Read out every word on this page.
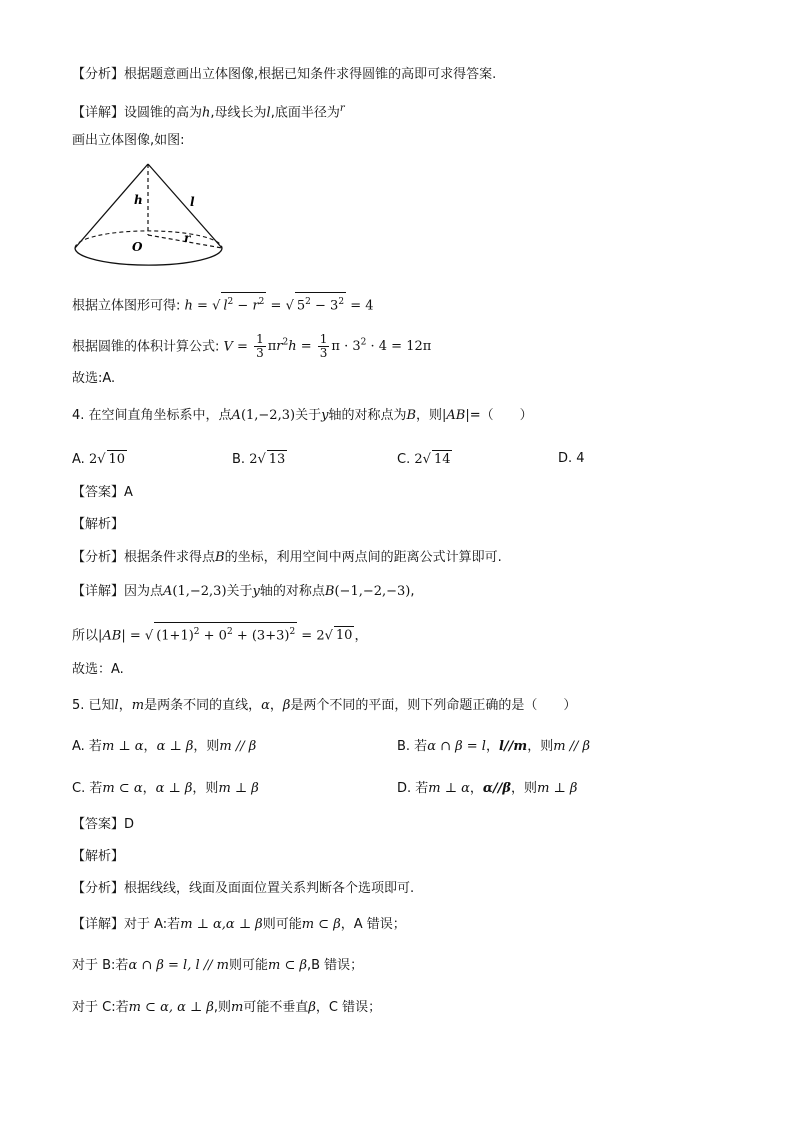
【分析】根据题意画出立体图像,根据已知条件求得圆锥的高即可求得答案.
【详解】设圆锥的高为h,母线长为l,底面半径为$^r$
画出立体图像,如图:
h	l
O
r
根据立体图形可得: h = √ $l^2 - r^2$ = √ $5^2 - 3^2 = 4$
根据圆锥的体积计算公式: $V = \frac{1}{3} \pi r^2h = \frac{1}{3}$ $\pi \cdot 3^2 \cdot 4 = 12\pi$
故选:A.
4. 在空间直角坐标系中，点A(1,−2,3)关于y轴的对称点为B，则|AB|=（　　）
A. 2√ 10	B. 2√ 13	C. 2√ 14	D. 4
【答案】A
【解析】
【分析】根据条件求得点B的坐标，利用空间中两点间的距离公式计算即可.
【详解】因为点A(1,−2,3)关于y轴的对称点B(−1,−2,−3),
所以|AB| = √ $(1+1)^2 + 0^2 + (3+3)^2 = 2√$ 10 ，
故选：A.
5. 已知l，m是两条不同的直线，α，β是两个不同的平面，则下列命题正确的是（　　）
A. 若m ⊥ α，α ⊥ β，则m // β	B. 若α ∩ β = l，l//m，则m // β
C. 若m ⊂ α，α ⊥ β，则m ⊥ β	D. 若m ⊥ α，α//β，则m ⊥ β
【答案】D
【解析】
【分析】根据线线，线面及面面位置关系判断各个选项即可.
【详解】对于 A:若m ⊥ α,α ⊥ β则可能m ⊂ β，A 错误；
对于 B:若α ∩ β = l, l // m则可能m ⊂ β,B 错误；
对于 C:若m ⊂ α, α ⊥ β,则m可能不垂直β，C 错误；
